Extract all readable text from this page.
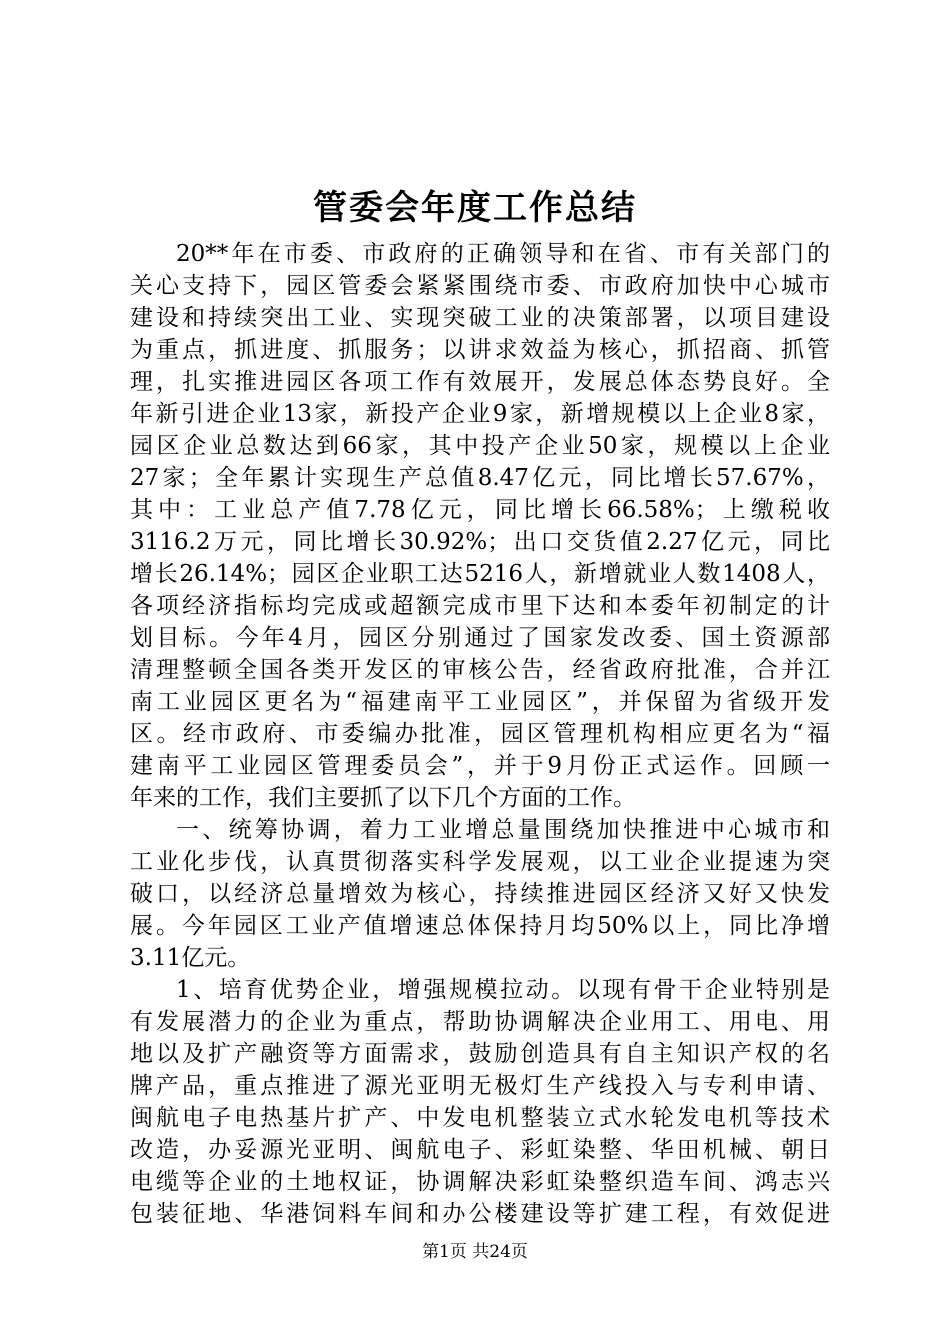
管委会年度工作总结
20**年在市委、市政府的正确领导和在省、市有关部门的
关心支持下，园区管委会紧紧围绕市委、市政府加快中心城市
建设和持续突出工业、实现突破工业的决策部署，以项目建设
为重点，抓进度、抓服务；以讲求效益为核心，抓招商、抓管
理，扎实推进园区各项工作有效展开，发展总体态势良好。全
年新引进企业13家，新投产企业9家，新增规模以上企业8家，
园区企业总数达到66家，其中投产企业50家，规模以上企业
27家；全年累计实现生产总值8.47亿元，同比增长57.67%，
其中：工业总产值7.78亿元，同比增长66.58%；上缴税收
3116.2万元，同比增长30.92%；出口交货值2.27亿元，同比
增长26.14%；园区企业职工达5216人，新增就业人数1408人，
各项经济指标均完成或超额完成市里下达和本委年初制定的计
划目标。今年4月，园区分别通过了国家发改委、国土资源部
清理整顿全国各类开发区的审核公告，经省政府批准，合并江
南工业园区更名为“福建南平工业园区”，并保留为省级开发
区。经市政府、市委编办批准，园区管理机构相应更名为“福
建南平工业园区管理委员会”，并于9月份正式运作。回顾一
年来的工作，我们主要抓了以下几个方面的工作。
一、统筹协调，着力工业增总量围绕加快推进中心城市和
工业化步伐，认真贯彻落实科学发展观，以工业企业提速为突
破口，以经济总量增效为核心，持续推进园区经济又好又快发
展。今年园区工业产值增速总体保持月均50%以上，同比净增
3.11亿元。
1、培育优势企业，增强规模拉动。以现有骨干企业特别是
有发展潜力的企业为重点，帮助协调解决企业用工、用电、用
地以及扩产融资等方面需求，鼓励创造具有自主知识产权的名
牌产品，重点推进了源光亚明无极灯生产线投入与专利申请、
闽航电子电热基片扩产、中发电机整装立式水轮发电机等技术
改造，办妥源光亚明、闽航电子、彩虹染整、华田机械、朝日
电缆等企业的土地权证，协调解决彩虹染整织造车间、鸿志兴
包装征地、华港饲料车间和办公楼建设等扩建工程，有效促进
第1页 共24页
